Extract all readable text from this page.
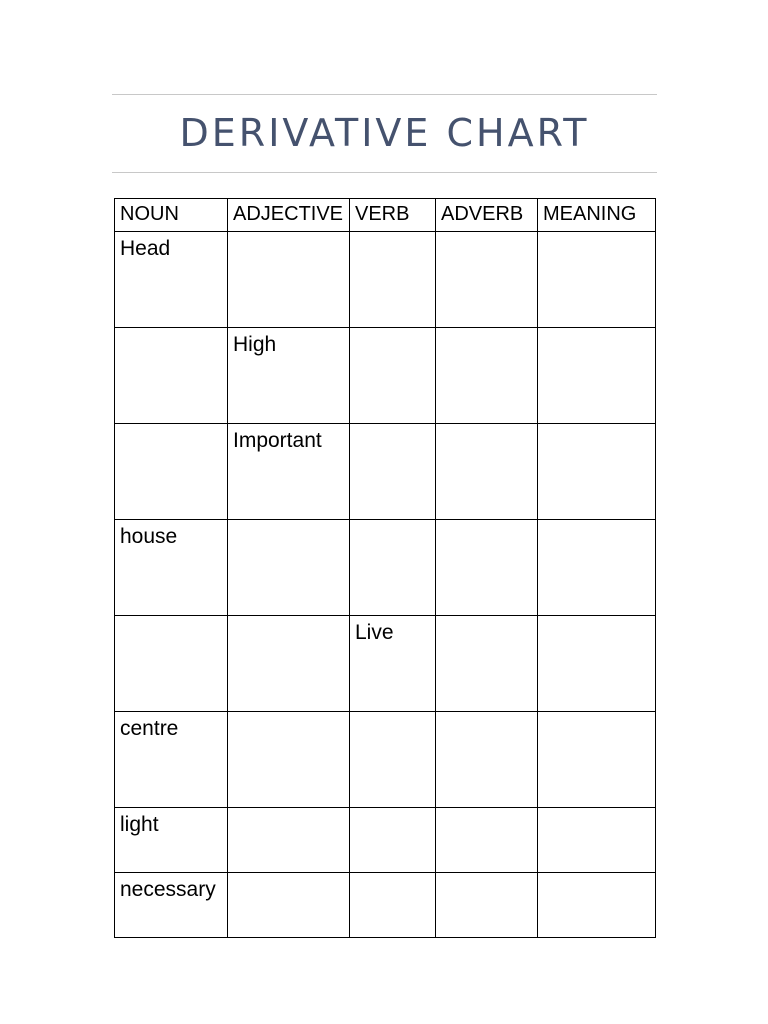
DERIVATIVE CHART
NOUN	ADJECTIVE	VERB	ADVERB	MEANING
Head				
	High			
	Important			
house				
		Live		
centre				
light				
necessary				
